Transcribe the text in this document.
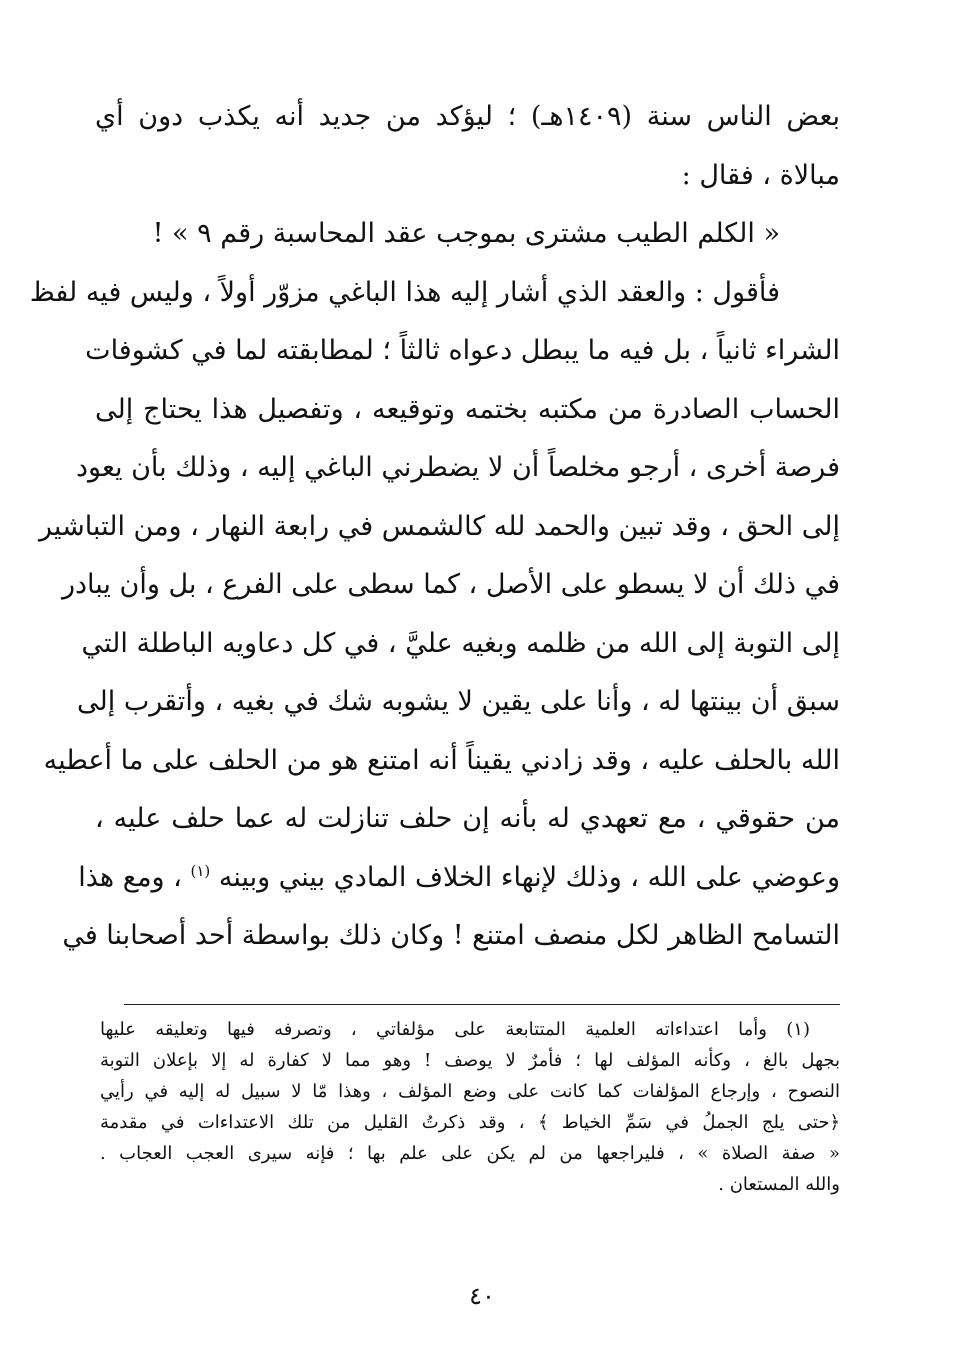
بعض الناس سنة (١٤٠٩هـ) ؛ ليؤكد من جديد أنه يكذب دون أي
مبالاة ، فقال :
« الكلم الطيب مشترى بموجب عقد المحاسبة رقم ٩ » !
فأقول : والعقد الذي أشار إليه هذا الباغي مزوّر أولاً ، وليس فيه لفظ
الشراء ثانياً ، بل فيه ما يبطل دعواه ثالثاً ؛ لمطابقته لما في كشوفات
الحساب الصادرة من مكتبه بختمه وتوقيعه ، وتفصيل هذا يحتاج إلى
فرصة أخرى ، أرجو مخلصاً أن لا يضطرني الباغي إليه ، وذلك بأن يعود
إلى الحق ، وقد تبين والحمد لله كالشمس في رابعة النهار ، ومن التباشير
في ذلك أن لا يسطو على الأصل ، كما سطى على الفرع ، بل وأن يبادر
إلى التوبة إلى الله من ظلمه وبغيه عليَّ ، في كل دعاويه الباطلة التي
سبق أن بينتها له ، وأنا على يقين لا يشوبه شك في بغيه ، وأتقرب إلى
الله بالحلف عليه ، وقد زادني يقيناً أنه امتنع هو من الحلف على ما أعطيه
من حقوقي ، مع تعهدي له بأنه إن حلف تنازلت له عما حلف عليه ،
وعوضي على الله ، وذلك لإنهاء الخلاف المادي بيني وبينه $^{(١)}$ ، ومع هذا
التسامح الظاهر لكل منصف امتنع ! وكان ذلك بواسطة أحد أصحابنا في
(١) وأما اعتداءاته العلمية المتتابعة على مؤلفاتي ، وتصرفه فيها وتعليقه عليها
بجهل بالغ ، وكأنه المؤلف لها ؛ فأمرٌ لا يوصف ! وهو مما لا كفارة له إلا بإعلان التوبة
النصوح ، وإرجاع المؤلفات كما كانت على وضع المؤلف ، وهذا مّا لا سبيل له إليه في رأيي
﴿حتى يلج الجملُ في سَمِّ الخياط ﴾ ، وقد ذكرتُ القليل من تلك الاعتداءات في مقدمة
« صفة الصلاة » ، فليراجعها من لم يكن على علم بها ؛ فإنه سيرى العجب العجاب .
والله المستعان .
٤٠
